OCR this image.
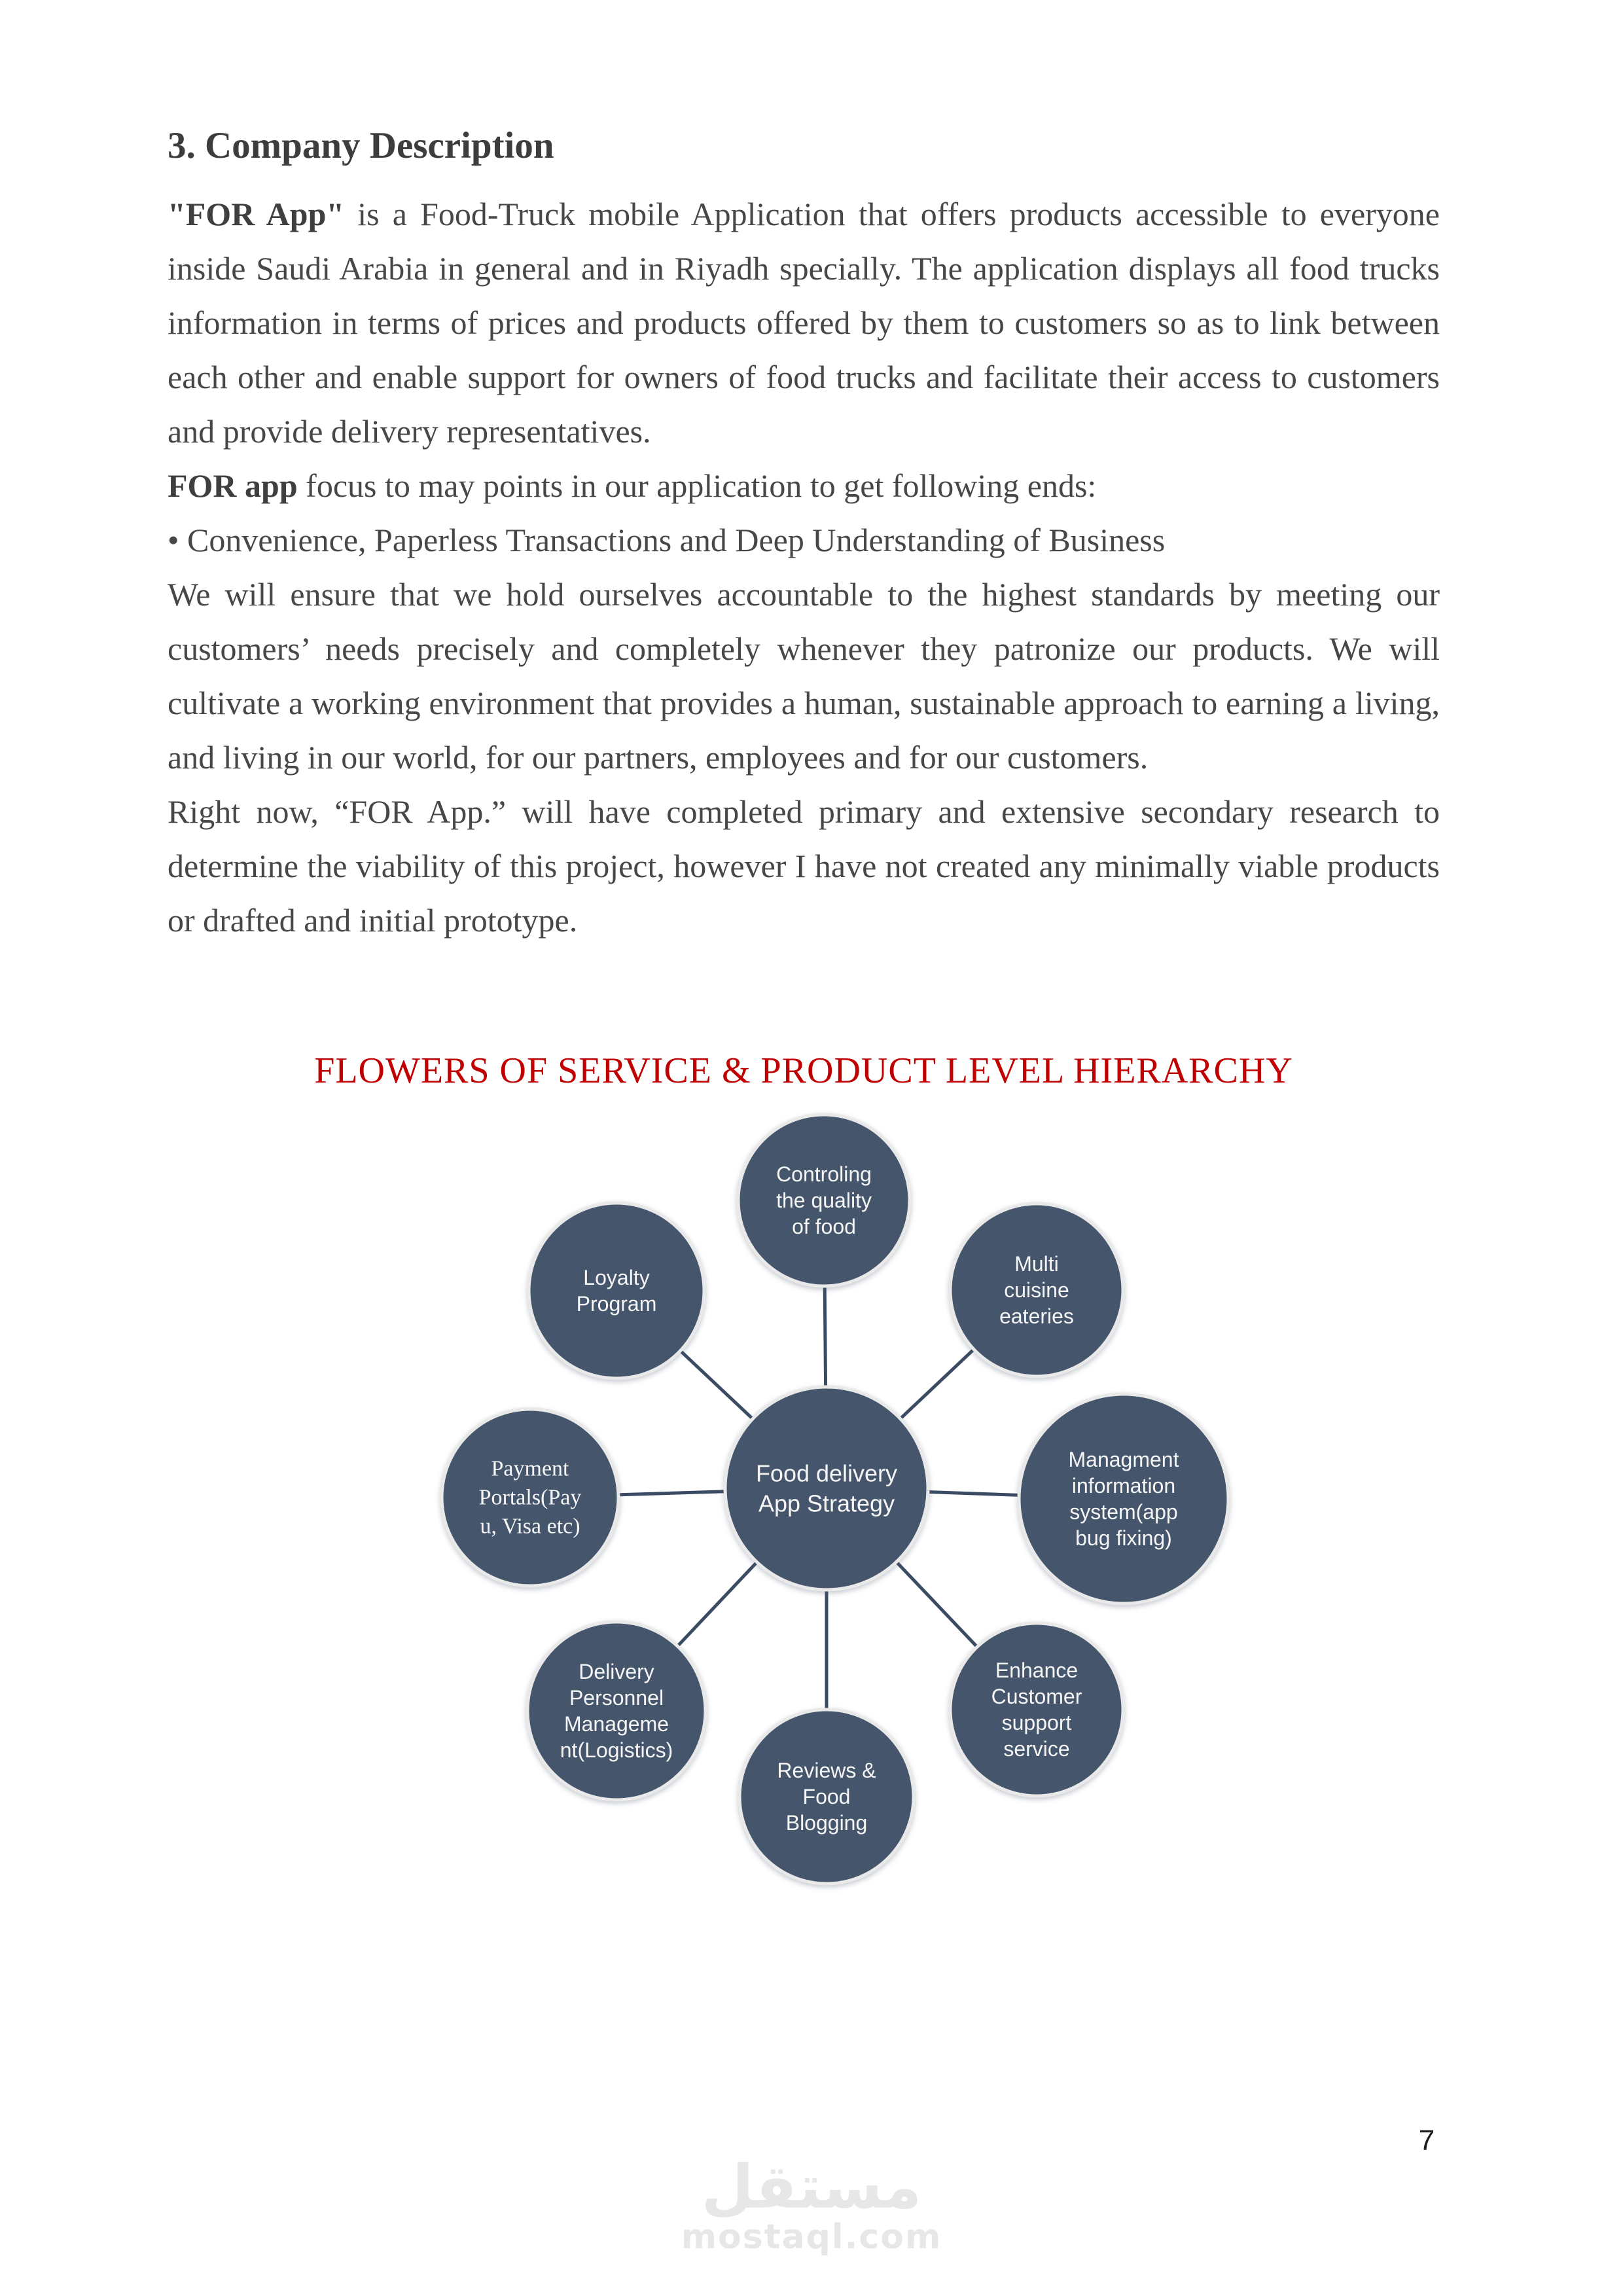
3. Company Description

"FOR App" is a Food-Truck mobile Application that offers products accessible to everyone inside Saudi Arabia in general and in Riyadh specially. The application displays all food trucks information in terms of prices and products offered by them to customers so as to link between each other and enable support for owners of food trucks and facilitate their access to customers and provide delivery representatives.

FOR app focus to may points in our application to get following ends:

• Convenience, Paperless Transactions and Deep Understanding of Business

We will ensure that we hold ourselves accountable to the highest standards by meeting our customers’ needs precisely and completely whenever they patronize our products. We will cultivate a working environment that provides a human, sustainable approach to earning a living, and living in our world, for our partners, employees and for our customers.

Right now, “FOR App.” will have completed primary and extensive secondary research to determine the viability of this project, however I have not created any minimally viable products or drafted and initial prototype.

FLOWERS OF SERVICE & PRODUCT LEVEL HIERARCHY
Controling the quality of food
Multi cuisine eateries
Managment information system(app bug fixing)
Enhance Customer support service
Reviews & Food Blogging
Delivery Personnel Manageme nt(Logistics)
Payment Portals(Pay u, Visa etc)
Loyalty Program
Food delivery App Strategy
7
مستقل
mostaql.com
